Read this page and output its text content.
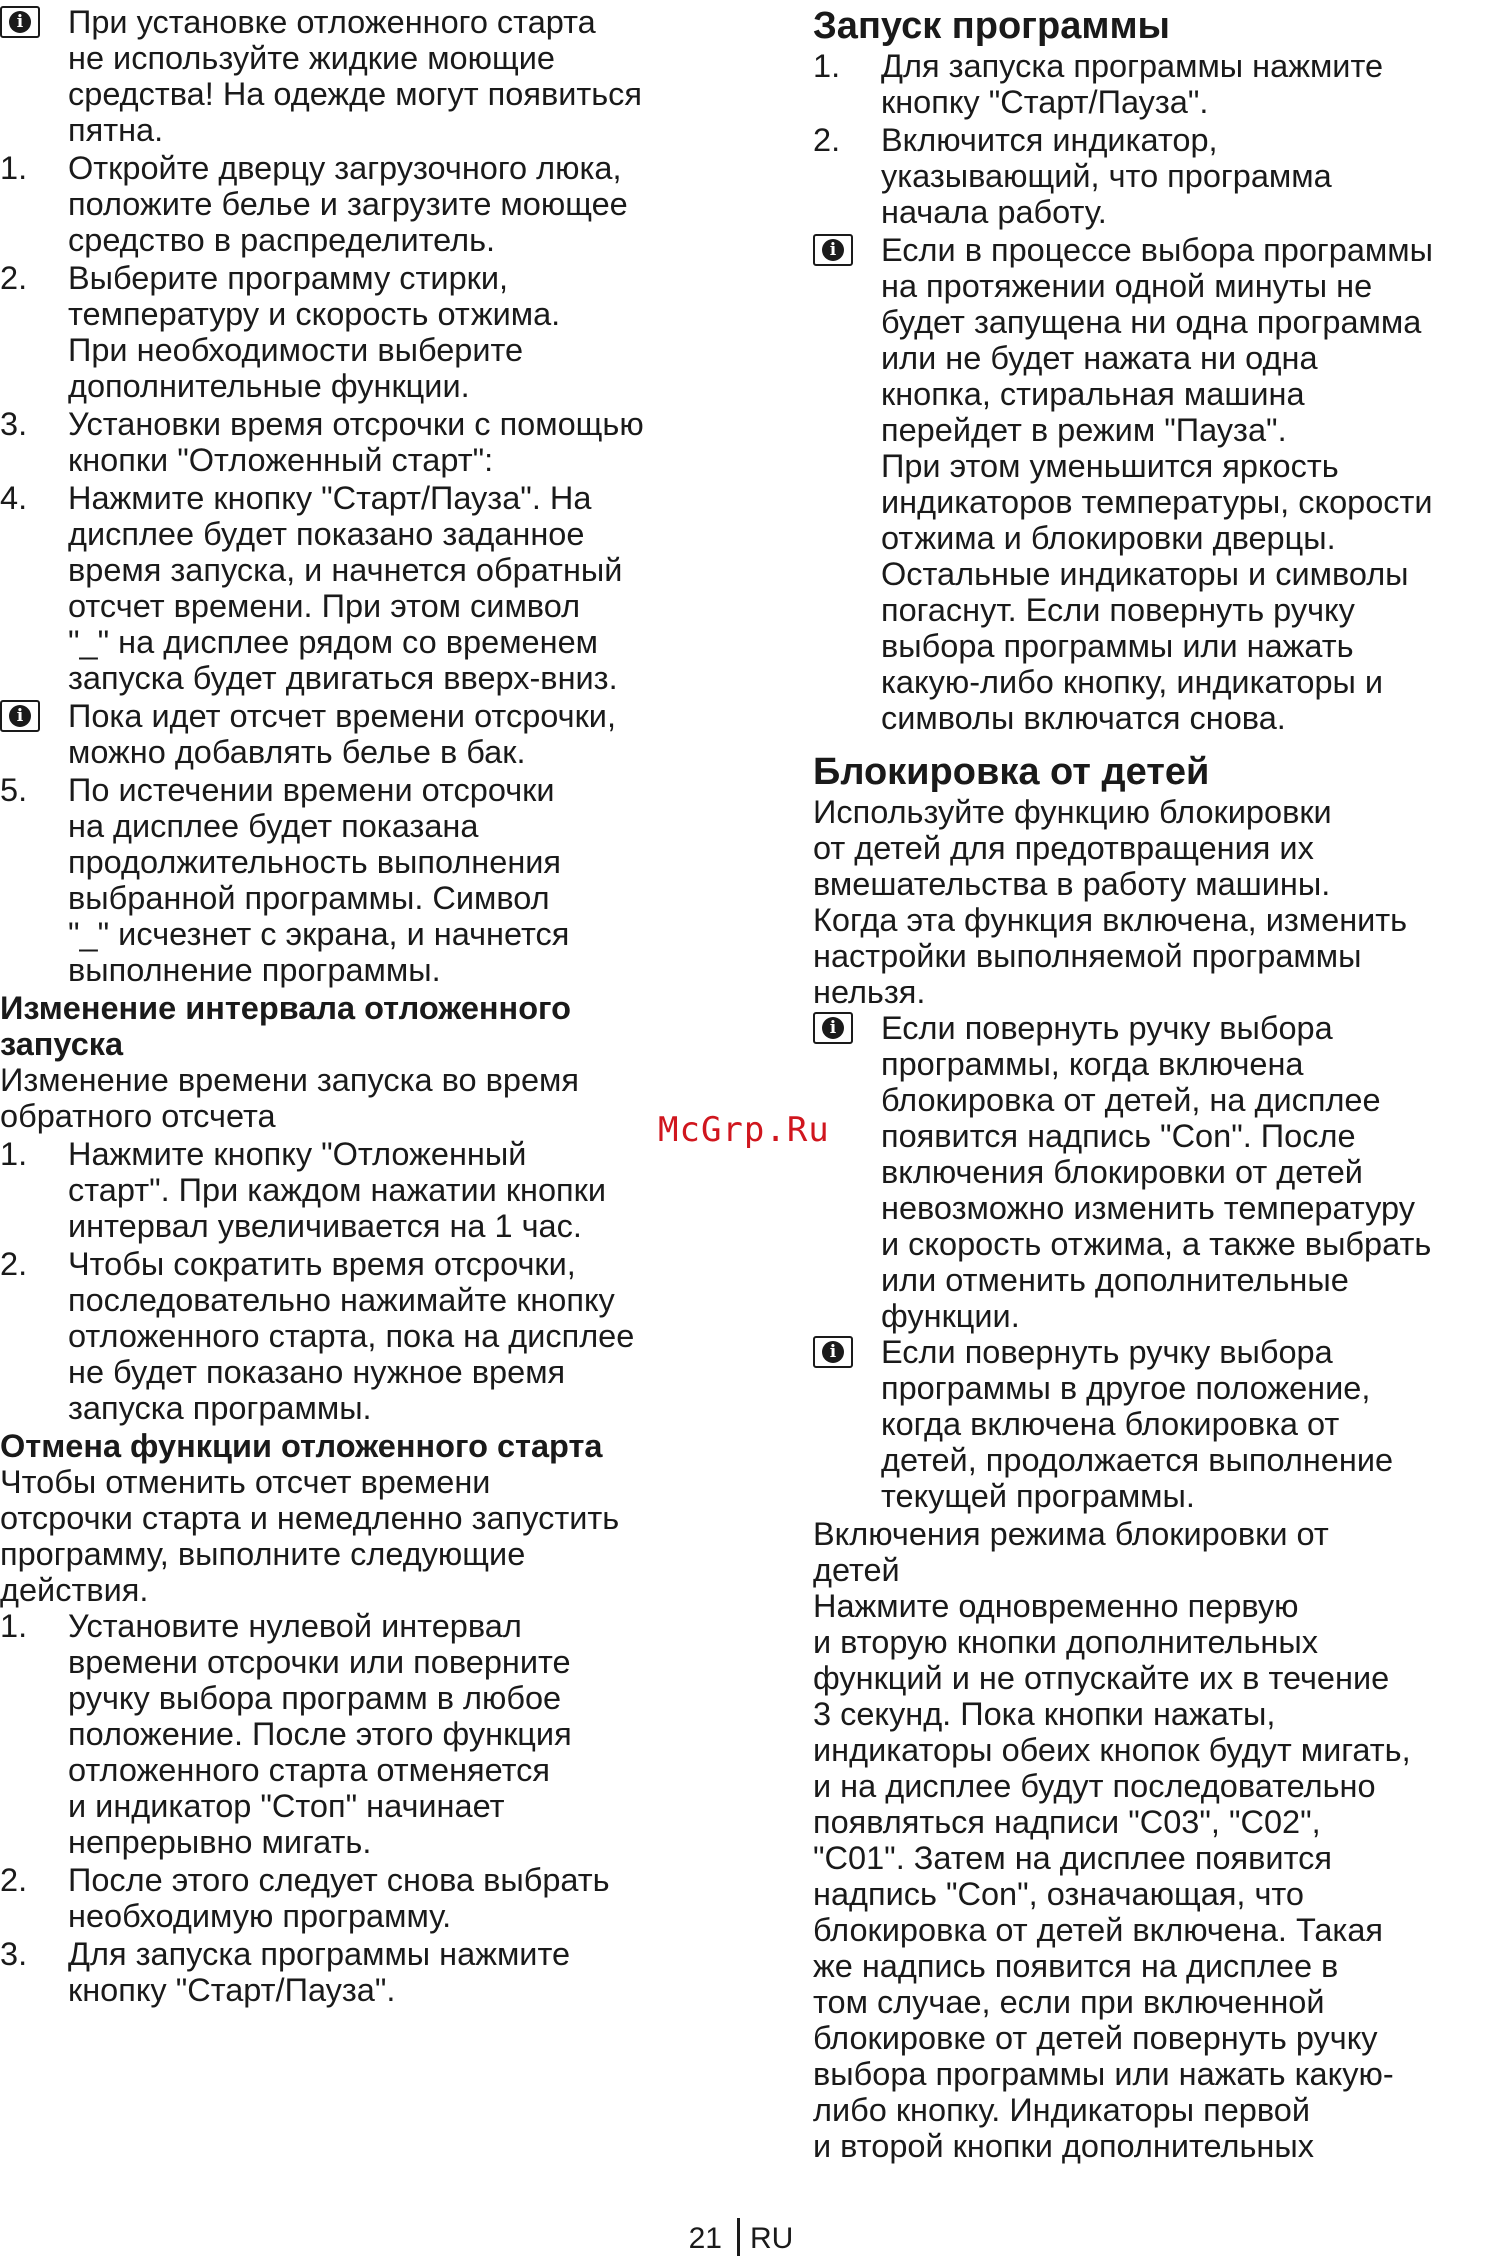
i При установке отложенного старта
не используйте жидкие моющие
средства! На одежде могут появиться
пятна.
1. Откройте дверцу загрузочного люка,
положите белье и загрузите моющее
средство в распределитель.
2. Выберите программу стирки,
температуру и скорость отжима.
При необходимости выберите
дополнительные функции.
3. Установки время отсрочки с помощью
кнопки "Отложенный старт":
4. Нажмите кнопку "Старт/Пауза". На
дисплее будет показано заданное
время запуска, и начнется обратный
отсчет времени. При этом символ
"_" на дисплее рядом со временем
запуска будет двигаться вверх-вниз.
i Пока идет отсчет времени отсрочки,
можно добавлять белье в бак.
5. По истечении времени отсрочки
на дисплее будет показана
продолжительность выполнения
выбранной программы. Символ
"_" исчезнет с экрана, и начнется
выполнение программы.
Изменение интервала отложенного
запуска
Изменение времени запуска во время
обратного отсчета
1. Нажмите кнопку "Отложенный
старт". При каждом нажатии кнопки
интервал увеличивается на 1 час.
2. Чтобы сократить время отсрочки,
последовательно нажимайте кнопку
отложенного старта, пока на дисплее
не будет показано нужное время
запуска программы.
Отмена функции отложенного старта
Чтобы отменить отсчет времени
отсрочки старта и немедленно запустить
программу, выполните следующие
действия.
1. Установите нулевой интервал
времени отсрочки или поверните
ручку выбора программ в любое
положение. После этого функция
отложенного старта отменяется
и индикатор "Стоп" начинает
непрерывно мигать.
2. После этого следует снова выбрать
необходимую программу.
3. Для запуска программы нажмите
кнопку "Старт/Пауза".
Запуск программы
1. Для запуска программы нажмите
кнопку "Старт/Пауза".
2. Включится индикатор,
указывающий, что программа
начала работу.
i Если в процессе выбора программы
на протяжении одной минуты не
будет запущена ни одна программа
или не будет нажата ни одна
кнопка, стиральная машина
перейдет в режим "Пауза".
При этом уменьшится яркость
индикаторов температуры, скорости
отжима и блокировки дверцы.
Остальные индикаторы и символы
погаснут. Если повернуть ручку
выбора программы или нажать
какую-либо кнопку, индикаторы и
символы включатся снова.
Блокировка от детей
Используйте функцию блокировки
от детей для предотвращения их
вмешательства в работу машины.
Когда эта функция включена, изменить
настройки выполняемой программы
нельзя.
i Если повернуть ручку выбора
программы, когда включена
блокировка от детей, на дисплее
появится надпись "Con". После
включения блокировки от детей
невозможно изменить температуру
и скорость отжима, а также выбрать
или отменить дополнительные
функции.
i Если повернуть ручку выбора
программы в другое положение,
когда включена блокировка от
детей, продолжается выполнение
текущей программы.
Включения режима блокировки от
детей
Нажмите одновременно первую
и вторую кнопки дополнительных
функций и не отпускайте их в течение
3 секунд. Пока кнопки нажаты,
индикаторы обеих кнопок будут мигать,
и на дисплее будут последовательно
появляться надписи "C03", "C02",
"C01". Затем на дисплее появится
надпись "Con", означающая, что
блокировка от детей включена. Такая
же надпись появится на дисплее в
том случае, если при включенной
блокировке от детей повернуть ручку
выбора программы или нажать какую-
либо кнопку. Индикаторы первой
и второй кнопки дополнительных
McGrp.Ru
21 RU
